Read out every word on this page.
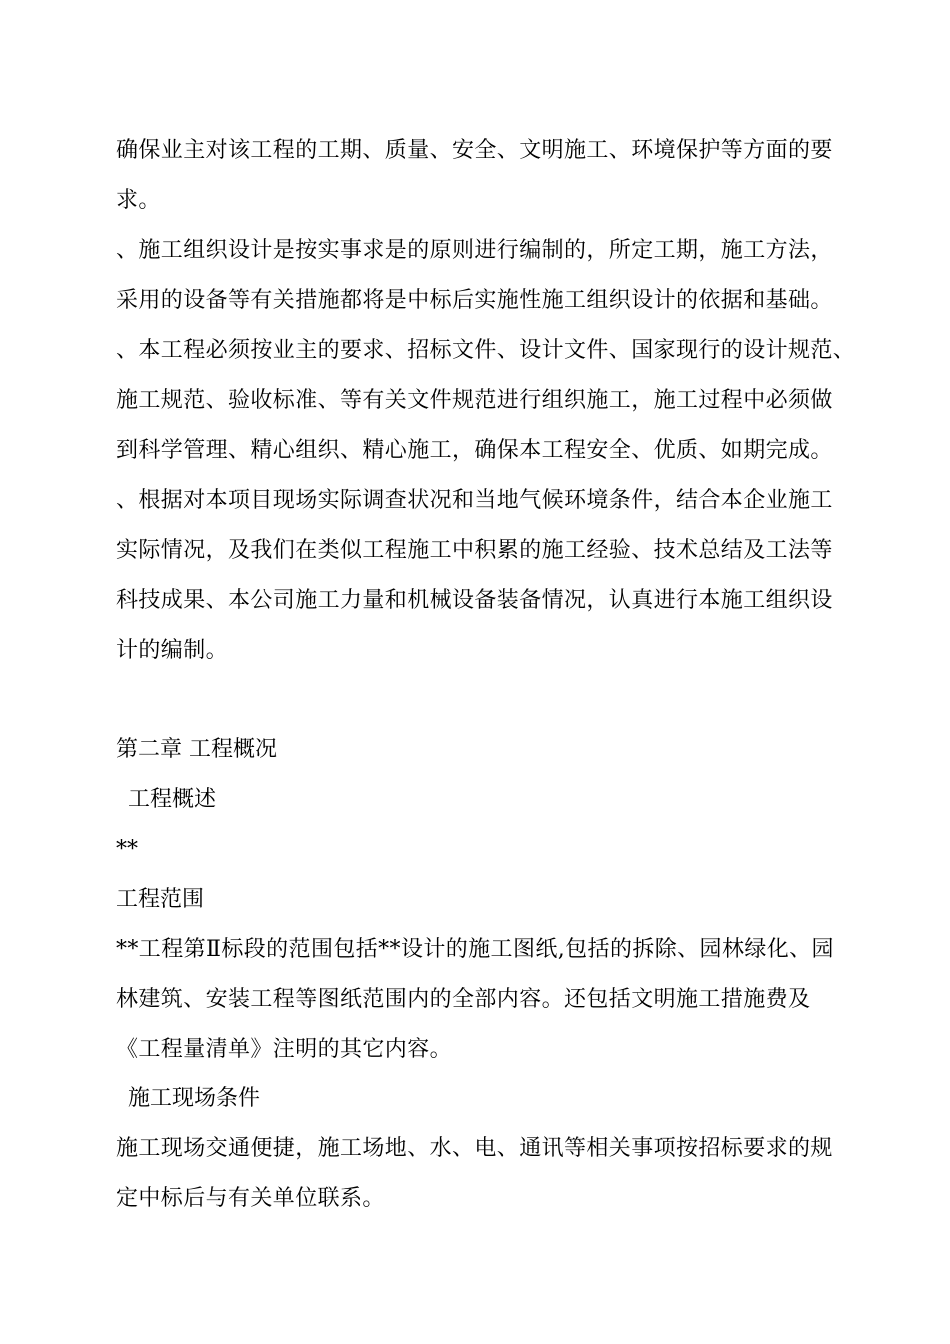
确保业主对该工程的工期、质量、安全、文明施工、环境保护等方面的要
求。
、施工组织设计是按实事求是的原则进行编制的，所定工期，施工方法，
采用的设备等有关措施都将是中标后实施性施工组织设计的依据和基础。
、本工程必须按业主的要求、招标文件、设计文件、国家现行的设计规范、
施工规范、验收标准、等有关文件规范进行组织施工，施工过程中必须做
到科学管理、精心组织、精心施工，确保本工程安全、优质、如期完成。
、根据对本项目现场实际调查状况和当地气候环境条件，结合本企业施工
实际情况，及我们在类似工程施工中积累的施工经验、技术总结及工法等
科技成果、本公司施工力量和机械设备装备情况，认真进行本施工组织设
计的编制。
第二章 工程概况
工程概述
**
工程范围
**工程第Ⅱ标段的范围包括**设计的施工图纸,包括的拆除、园林绿化、园
林建筑、安装工程等图纸范围内的全部内容。还包括文明施工措施费及
《工程量清单》注明的其它内容。
施工现场条件
施工现场交通便捷，施工场地、水、电、通讯等相关事项按招标要求的规
定中标后与有关单位联系。
